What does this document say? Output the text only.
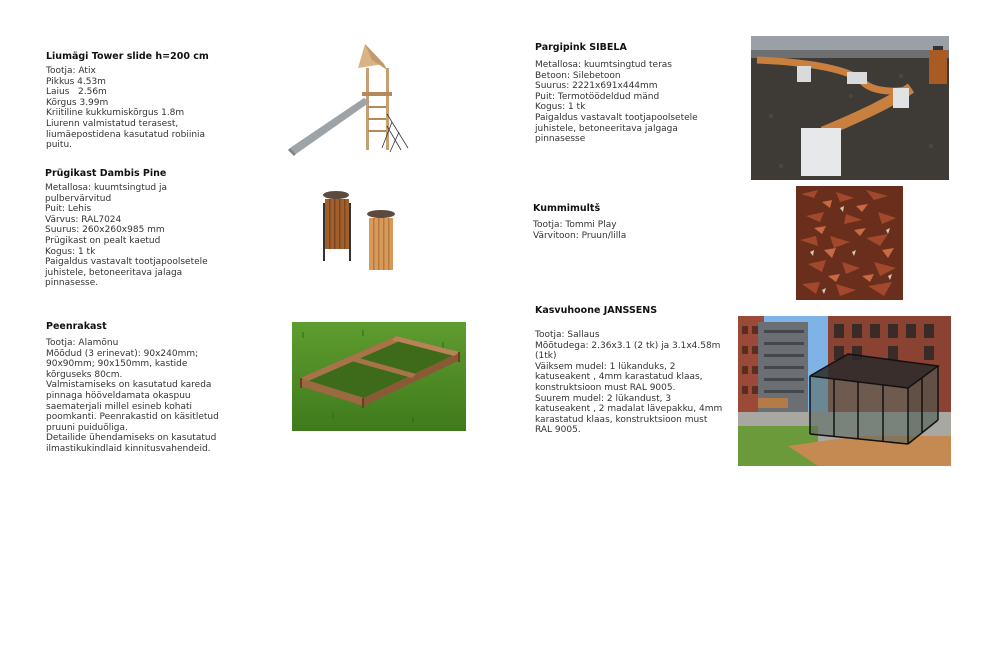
Liumägi Tower slide h=200 cm
Tootja: Atix
Pikkus 4.53m
Laius   2.56m
Kõrgus 3.99m
Kriitiline kukkumiskõrgus 1.8m
Liurenn valmistatud terasest,
liumäepostidena kasutatud robiinia
puitu.
Prügikast Dambis Pine
Metallosa: kuumtsingtud ja
pulbervärvitud
Puit: Lehis
Värvus: RAL7024
Suurus: 260x260x985 mm
Prügikast on pealt kaetud
Kogus: 1 tk
Paigaldus vastavalt tootjapoolsetele
juhistele, betoneeritava jalaga
pinnasesse.
Peenrakast
Tootja: Alamõnu
Mõõdud (3 erinevat): 90x240mm;
90x90mm; 90x150mm, kastide
kõrguseks 80cm.
Valmistamiseks on kasutatud kareda
pinnaga hööveldamata okaspuu
saematerjali millel esineb kohati
poomkanti. Peenrakastid on käsitletud
pruuni puiduõliga.
Detailide ühendamiseks on kasutatud
ilmastikukindlaid kinnitusvahendeid.
Pargipink SIBELA
Metallosa: kuumtsingtud teras
Betoon: Silebetoon
Suurus: 2221x691x444mm
Puit: Termotöödeldud mänd
Kogus: 1 tk
Paigaldus vastavalt tootjapoolsetele
juhistele, betoneeritava jalgaga
pinnasesse
Kummimultš
Tootja: Tommi Play
Värvitoon: Pruun/lilla
Kasvuhoone JANSSENS
Tootja: Sallaus
Mõõtudega: 2.36x3.1 (2 tk) ja 3.1x4.58m
(1tk)
Väiksem mudel: 1 lükanduks, 2
katuseakent , 4mm karastatud klaas,
konstruktsioon must RAL 9005.
Suurem mudel: 2 lükandust, 3
katuseakent , 2 madalat lävepakku, 4mm
karastatud klaas, konstruktsioon must
RAL 9005.
